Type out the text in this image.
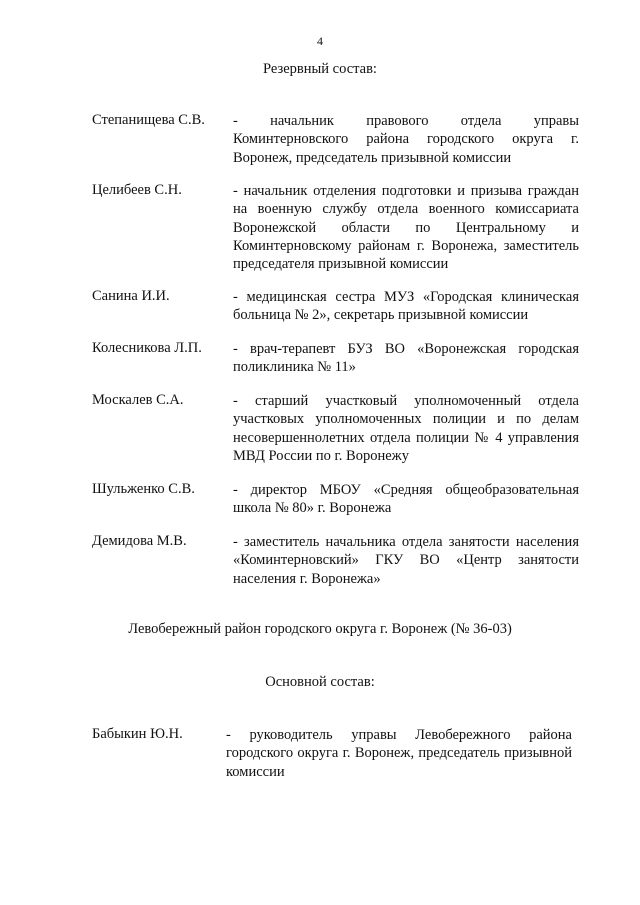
4
Резервный состав:
Степанищева С.В. - начальник правового отдела управы Коминтерновского района городского округа г. Воронеж, председатель призывной комиссии
Целибеев С.Н.	- начальник отделения подготовки и призыва граждан на военную службу отдела военного комиссариата Воронежской области по Центральному и Коминтерновскому районам г. Воронежа, заместитель председателя призывной комиссии
Санина И.И.	- медицинская сестра МУЗ «Городская клиническая больница № 2», секретарь призывной комиссии
Колесникова Л.П. - врач-терапевт БУЗ ВО «Воронежская городская поликлиника № 11»
Москалев С.А.	- старший участковый уполномоченный отдела участковых уполномоченных полиции и по делам несовершеннолетних отдела полиции № 4 управления МВД России по г. Воронежу
Шульженко С.В.	- директор МБОУ «Средняя общеобразовательная школа № 80» г. Воронежа
Демидова М.В.	- заместитель начальника отдела занятости населения «Коминтерновский» ГКУ ВО «Центр занятости населения г. Воронежа»
Левобережный район городского округа г. Воронеж (№ 36-03)
Основной состав:
Бабыкин Ю.Н.	- руководитель управы Левобережного района городского округа г. Воронеж, председатель призывной комиссии
